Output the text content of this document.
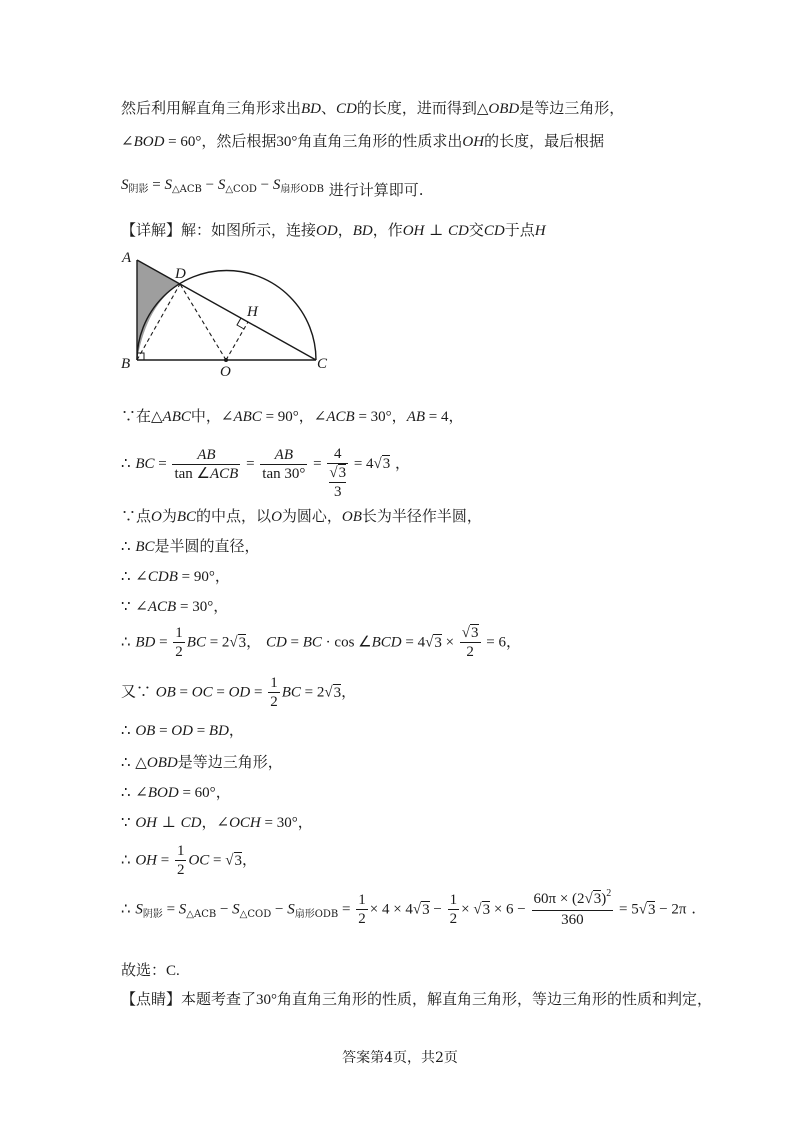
然后利用解直角三角形求出BD、CD的长度，进而得到△OBD是等边三角形，
∠BOD = 60°，然后根据30°角直角三角形的性质求出OH的长度，最后根据
$S_{阴影} = S_{\triangle ACB} - S_{\triangle COD} - S_{扇形ODB}$ 进行计算即可.
【详解】解：如图所示，连接OD，BD，作OH ⊥ CD交CD于点H
A
B	C
D
O
H
∵在△ABC中，∠ABC = 90°，∠ACB = 30°，AB = 4，
∴ BC = $\frac{AB}{\text{tan ∠ACB}} = \frac{AB}{\tan 30^\circ}$ =
4
√3
3
= 4√3 ，
∵点O为BC的中点，以O为圆心，OB长为半径作半圆，
∴ BC是半圆的直径，
∴ ∠CDB = 90°，
∵ ∠ACB = 30°，
∴ BD = $\frac{1}{2}$ BC = 2√3， CD = BC · cos ∠BCD = $4√3 \times \frac{√3}{2} = 6$，
又∵ OB = OC = OD = $\frac{1}{2}$ BC = 2√3，
∴ OB = OD = BD，
∴ △OBD是等边三角形，
∴ ∠BOD = 60°，
∵ OH ⊥ CD，∠OCH = 30°，
∴ OH = $\frac{1}{2}$ OC = √3，
∴ $S_{阴影} = S_{\triangle ACB} - S_{\triangle COD} - S_{扇形ODB} = \frac{1}{2} \times 4 \times 4√3 - \frac{1}{2} \times √3 \times 6 - \frac{60\pi \times (2√3)^2}{360} = 5√3 - 2\pi$ .
故选：C.
【点睛】本题考查了30°角直角三角形的性质，解直角三角形，等边三角形的性质和判定，
答案第4页，共2页
